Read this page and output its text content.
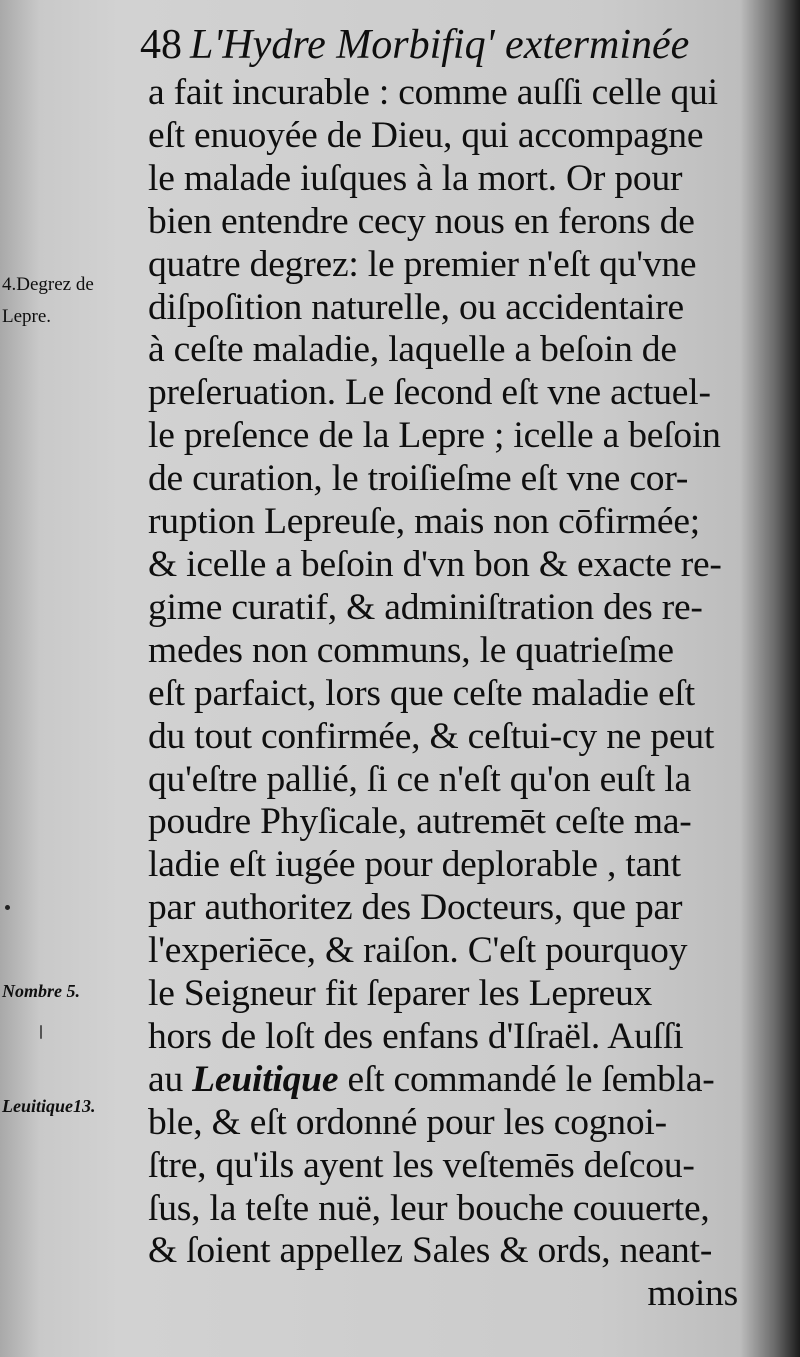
48 L'Hydre Morbifiq' exterminée
4.Degrez de
Lepre.
Nombre 5.
Leuitique13.
a fait incurable : comme auſſi celle qui
eſt enuoyée de Dieu, qui accompagne
le malade iuſques à la mort. Or pour
bien entendre cecy nous en ferons de
quatre degrez: le premier n'eſt qu'vne
diſpoſition naturelle, ou accidentaire
à ceſte maladie, laquelle a beſoin de
preſeruation. Le ſecond eſt vne actuel-
le preſence de la Lepre ; icelle a beſoin
de curation, le troiſieſme eſt vne cor-
ruption Lepreuſe, mais non cōfirmée;
& icelle a beſoin d'vn bon & exacte re-
gime curatif, & adminiſtration des re-
medes non communs, le quatrieſme
eſt parfaict, lors que ceſte maladie eſt
du tout confirmée, & ceſtui-cy ne peut
qu'eſtre pallié, ſi ce n'eſt qu'on euſt la
poudre Phyſicale, autremēt ceſte ma-
ladie eſt iugée pour deplorable , tant
par authoritez des Docteurs, que par
l'experiēce, & raiſon. C'eſt pourquoy
le Seigneur fit ſeparer les Lepreux
hors de loſt des enfans d'Iſraël. Auſſi
au Leuitique eſt commandé le ſembla-
ble, & eſt ordonné pour les cognoi-
ſtre, qu'ils ayent les veſtemēs deſcou-
ſus, la teſte nuë, leur bouche couuerte,
& ſoient appellez Sales & ords, neant-
moins
